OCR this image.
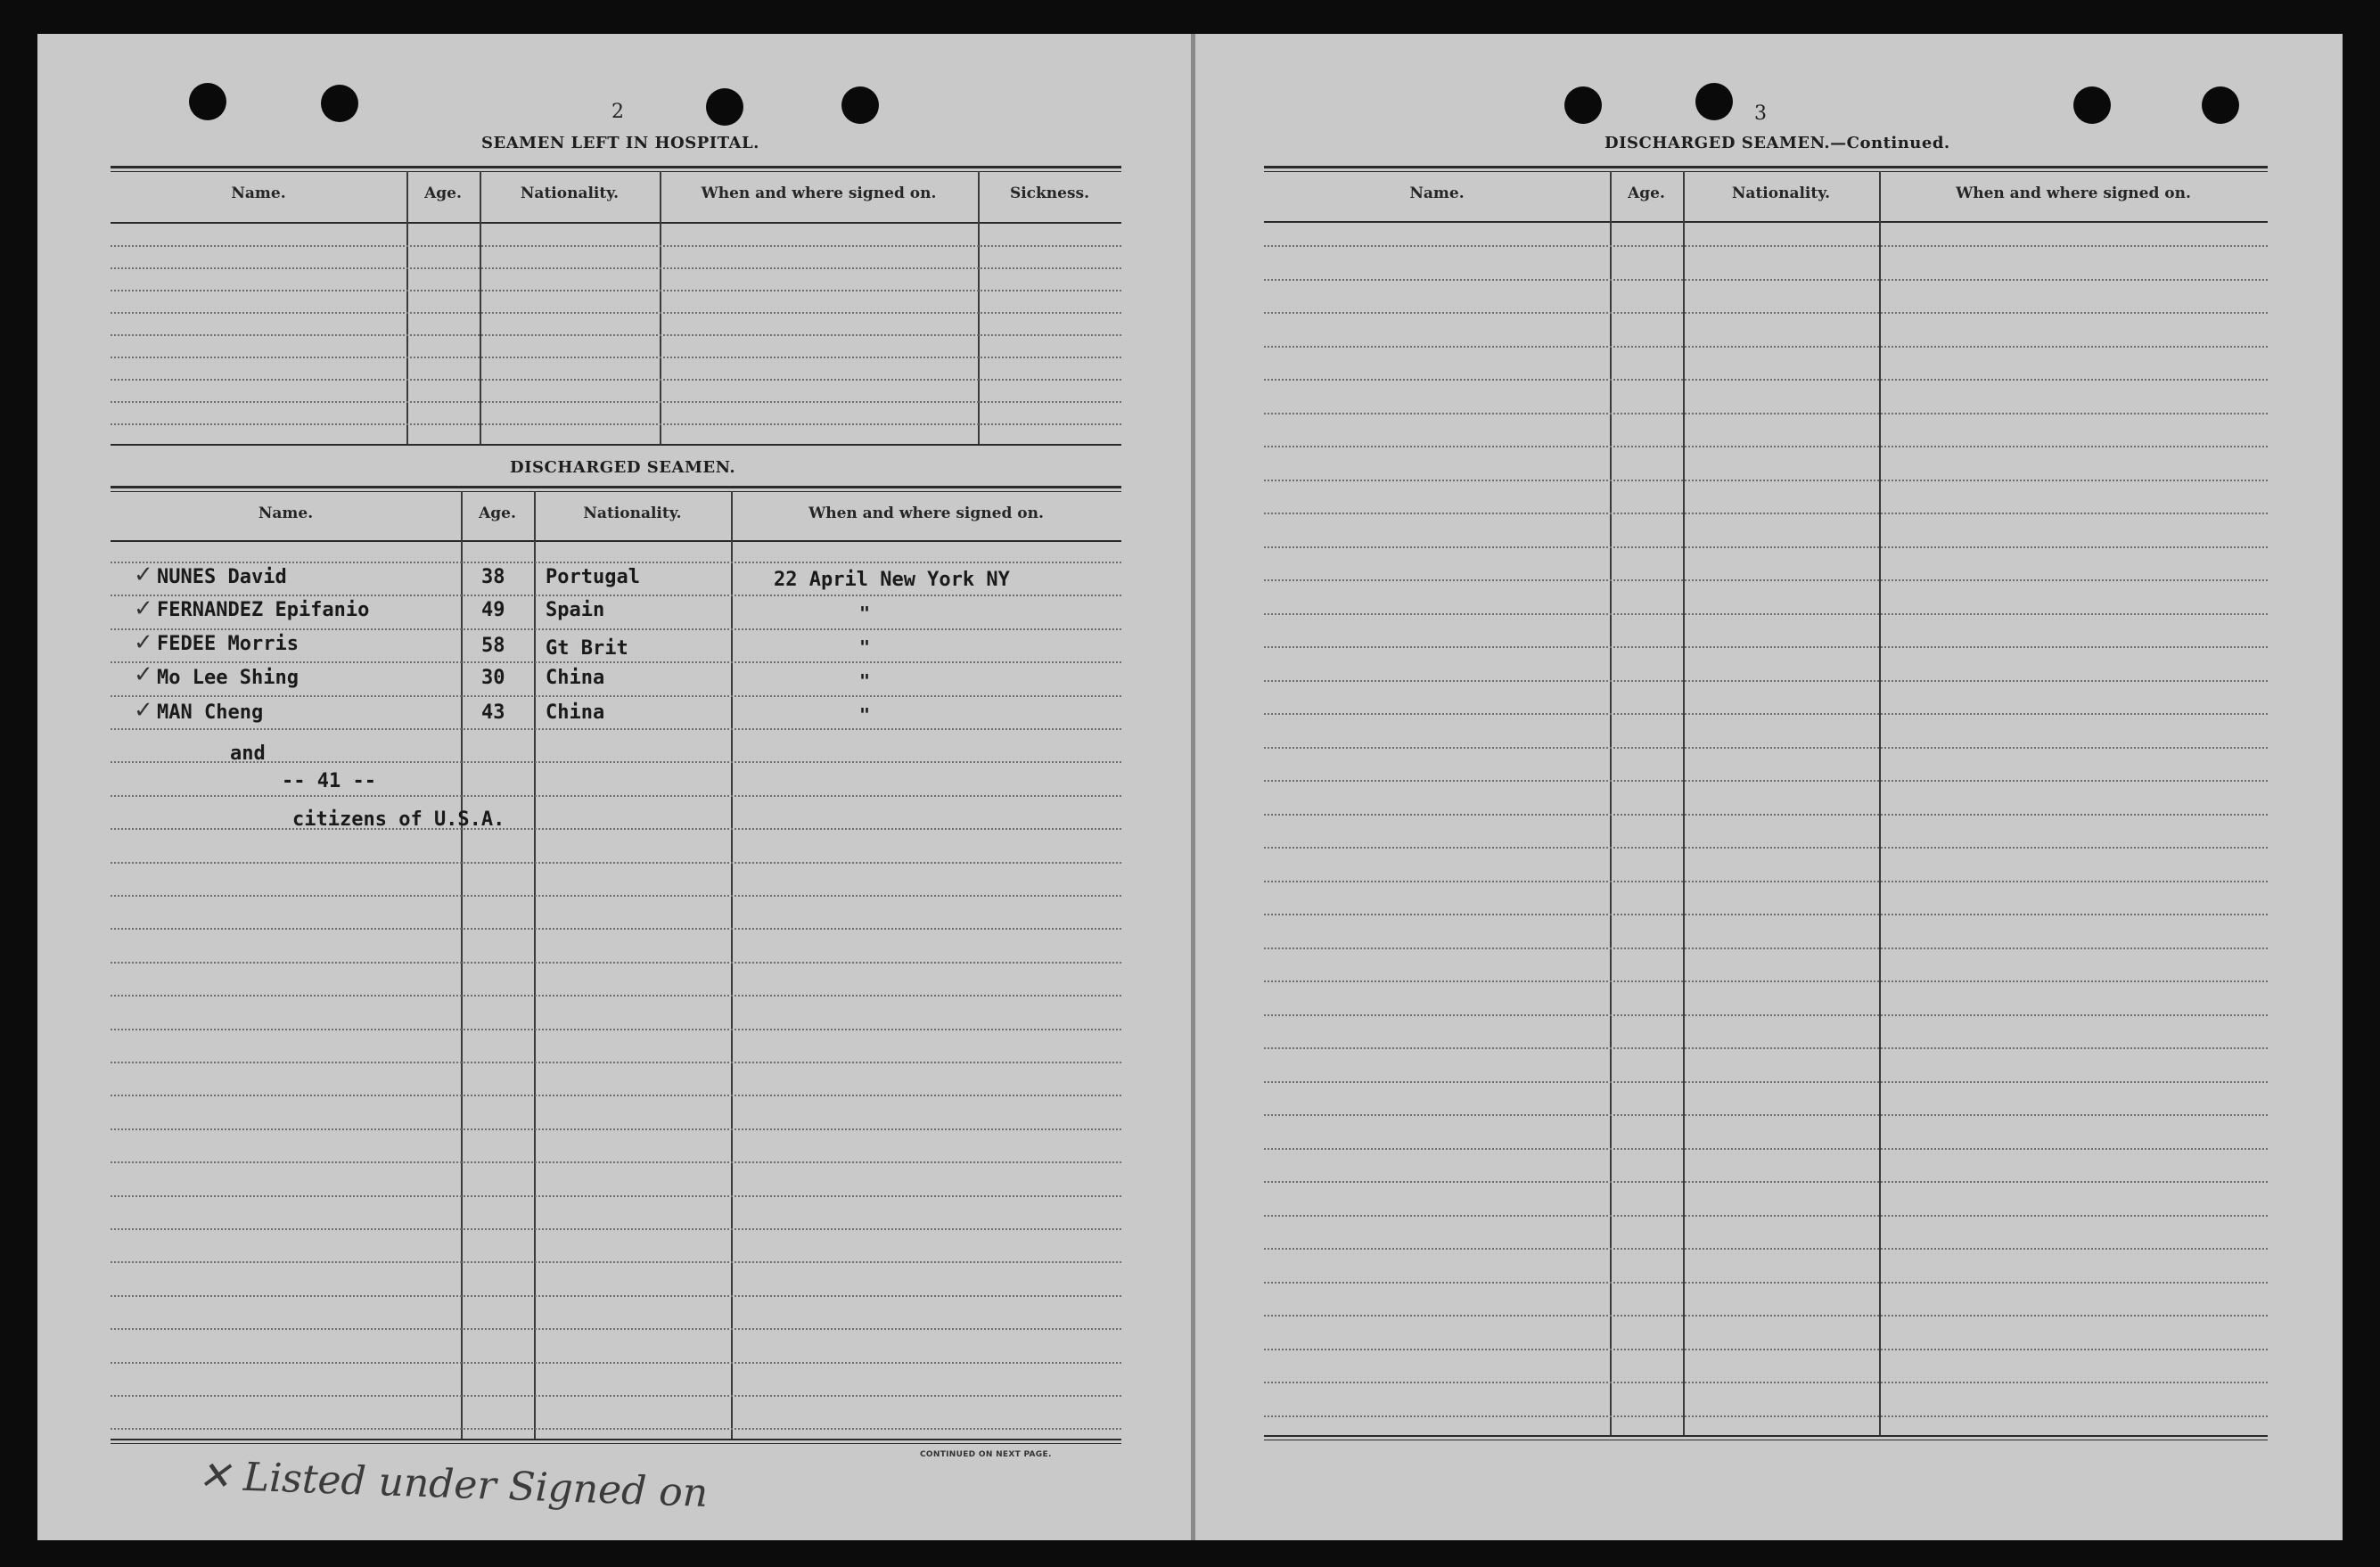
2
SEAMEN LEFT IN HOSPITAL.
Name.	Age.	Nationality.	When and where signed on.	Sickness.
DISCHARGED SEAMEN.
Name.	Age.	Nationality.	When and where signed on.
✓ NUNES David	38 Portugal	22 April New York NY
✓ FERNANDEZ Epifanio	49 Spain	"
✓ FEDEE Morris	58 Gt Brit	"
✓ Mo Lee Shing	30 China	"
✓ MAN Cheng	43 China	"
and
-- 41 --
citizens of U.S.A.
CONTINUED ON NEXT PAGE.
✕ Listed under Signed on
3
DISCHARGED SEAMEN.—Continued.
Name.	Age.	Nationality.	When and where signed on.
